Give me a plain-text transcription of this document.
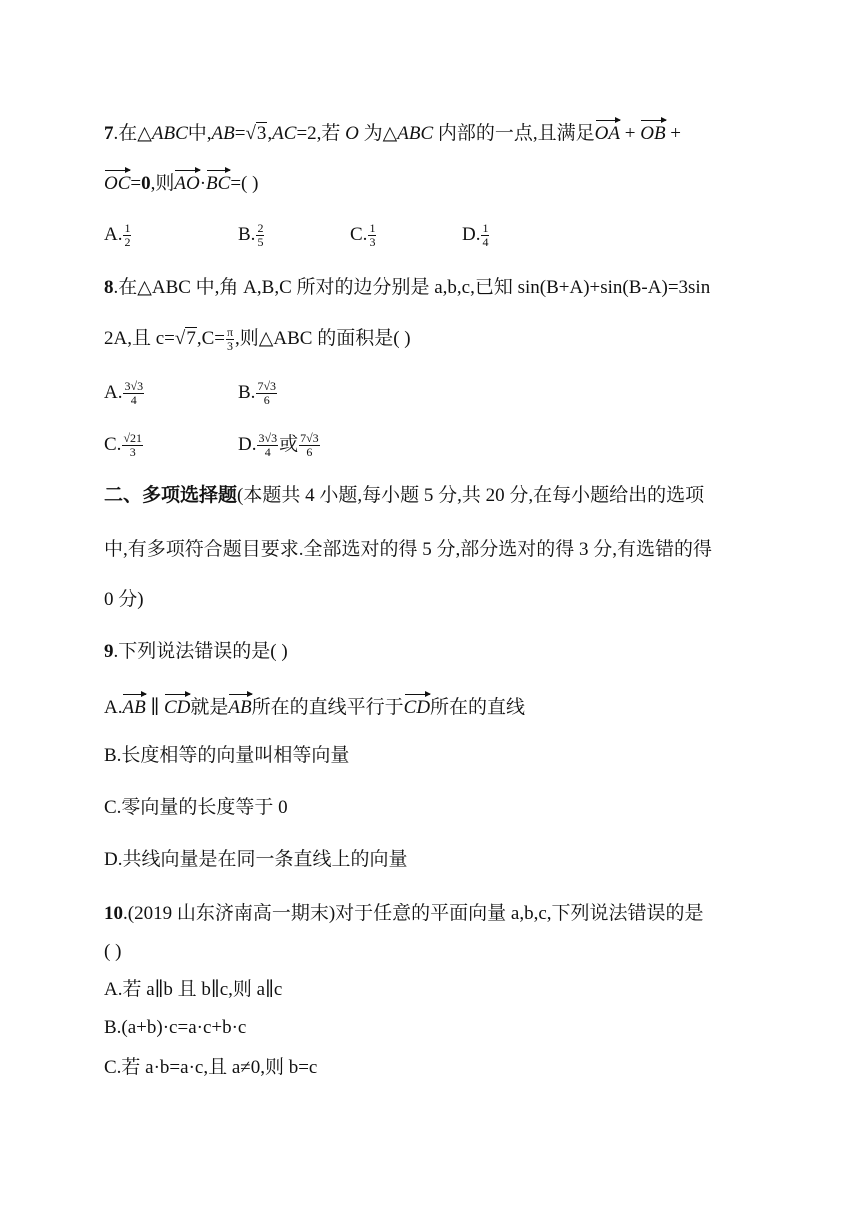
7.在△ABC中,AB=√3,AC=2,若 O 为△ABC 内部的一点,且满足OA + OB +
OC=0,则AO·BC=( )
A. $\frac{1}{2}$	B. $\frac{2}{5}$	C. $\frac{1}{3}$	D. $\frac{1}{4}$
8.在△ABC 中,角 A,B,C 所对的边分别是 a,b,c,已知 sin(B+A)+sin(B-A)=3sin
2A,且 $c=√7,C= \frac{\pi}{3}$ ,则△ABC 的面积是( )
A. $\frac{3√3}{4}$	B. $\frac{7√3}{6}$
C. $\frac{√21}{3}$	D. $\frac{3√3}{4}$ 或 $\frac{7√3}{6}$
二、多项选择题(本题共 4 小题,每小题 5 分,共 20 分,在每小题给出的选项
中,有多项符合题目要求.全部选对的得 5 分,部分选对的得 3 分,有选错的得
0 分)
9.下列说法错误的是( )
A.AB ∥ CD就是AB所在的直线平行于CD所在的直线
B.长度相等的向量叫相等向量
C.零向量的长度等于 0
D.共线向量是在同一条直线上的向量
10.(2019 山东济南高一期末)对于任意的平面向量 a,b,c,下列说法错误的是
( )
A.若 a∥b 且 b∥c,则 a∥c
B.(a+b)·c=a·c+b·c
C.若 a·b=a·c,且 a≠0,则 b=c
